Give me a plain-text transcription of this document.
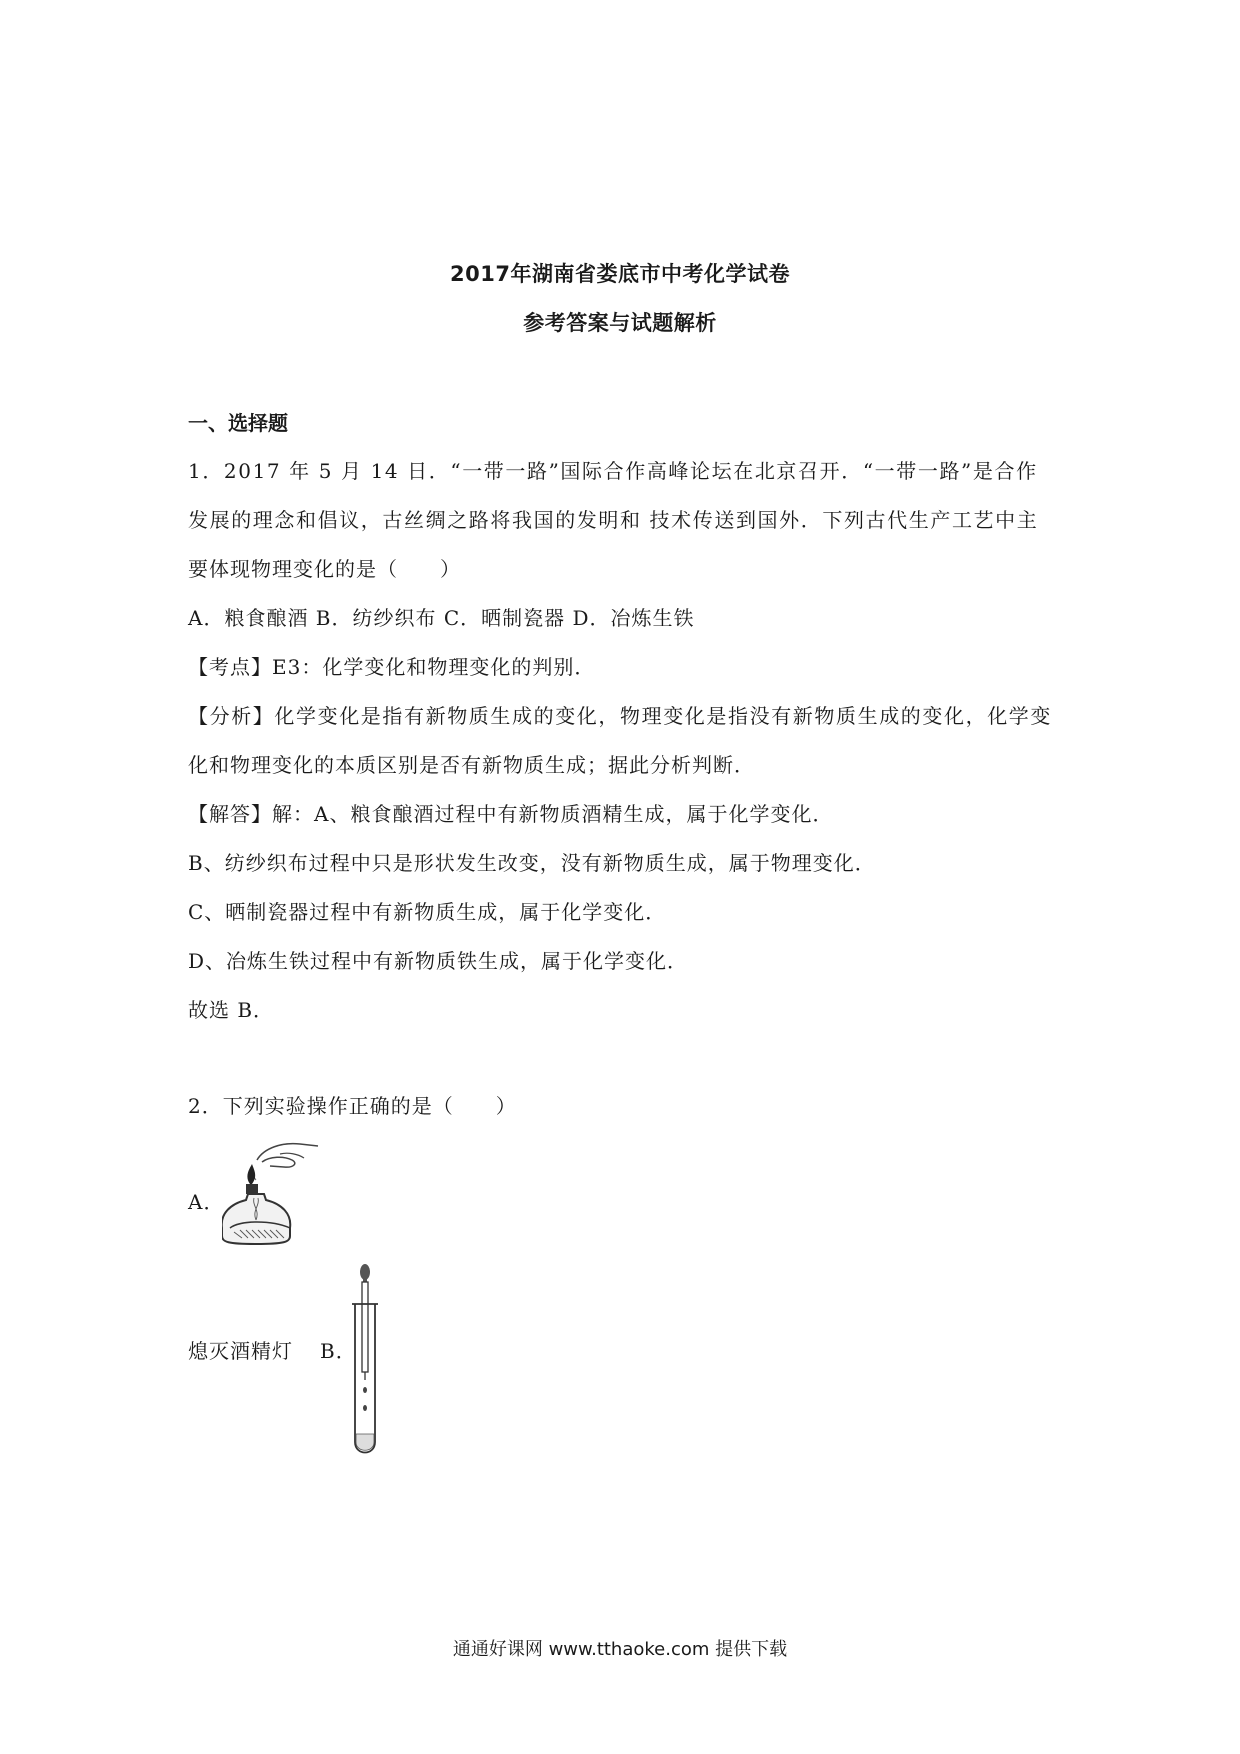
2017年湖南省娄底市中考化学试卷
参考答案与试题解析
一、选择题
1．2017 年 5 月 14 日．“一带一路”国际合作高峰论坛在北京召开．“一带一路”是合作
发展的理念和倡议，古丝绸之路将我国的发明和 技术传送到国外．下列古代生产工艺中主
要体现物理变化的是（　　）
A．粮食酿酒 B．纺纱织布 C．晒制瓷器 D．冶炼生铁
【考点】E3：化学变化和物理变化的判别．
【分析】化学变化是指有新物质生成的变化，物理变化是指没有新物质生成的变化，化学变
化和物理变化的本质区别是否有新物质生成；据此分析判断．
【解答】解：A、粮食酿酒过程中有新物质酒精生成，属于化学变化．
B、纺纱织布过程中只是形状发生改变，没有新物质生成，属于物理变化．
C、晒制瓷器过程中有新物质生成，属于化学变化．
D、冶炼生铁过程中有新物质铁生成，属于化学变化．
故选 B．
2．下列实验操作正确的是（　　）
A．
熄灭酒精灯 B．
通通好课网 www.tthaoke.com 提供下载
